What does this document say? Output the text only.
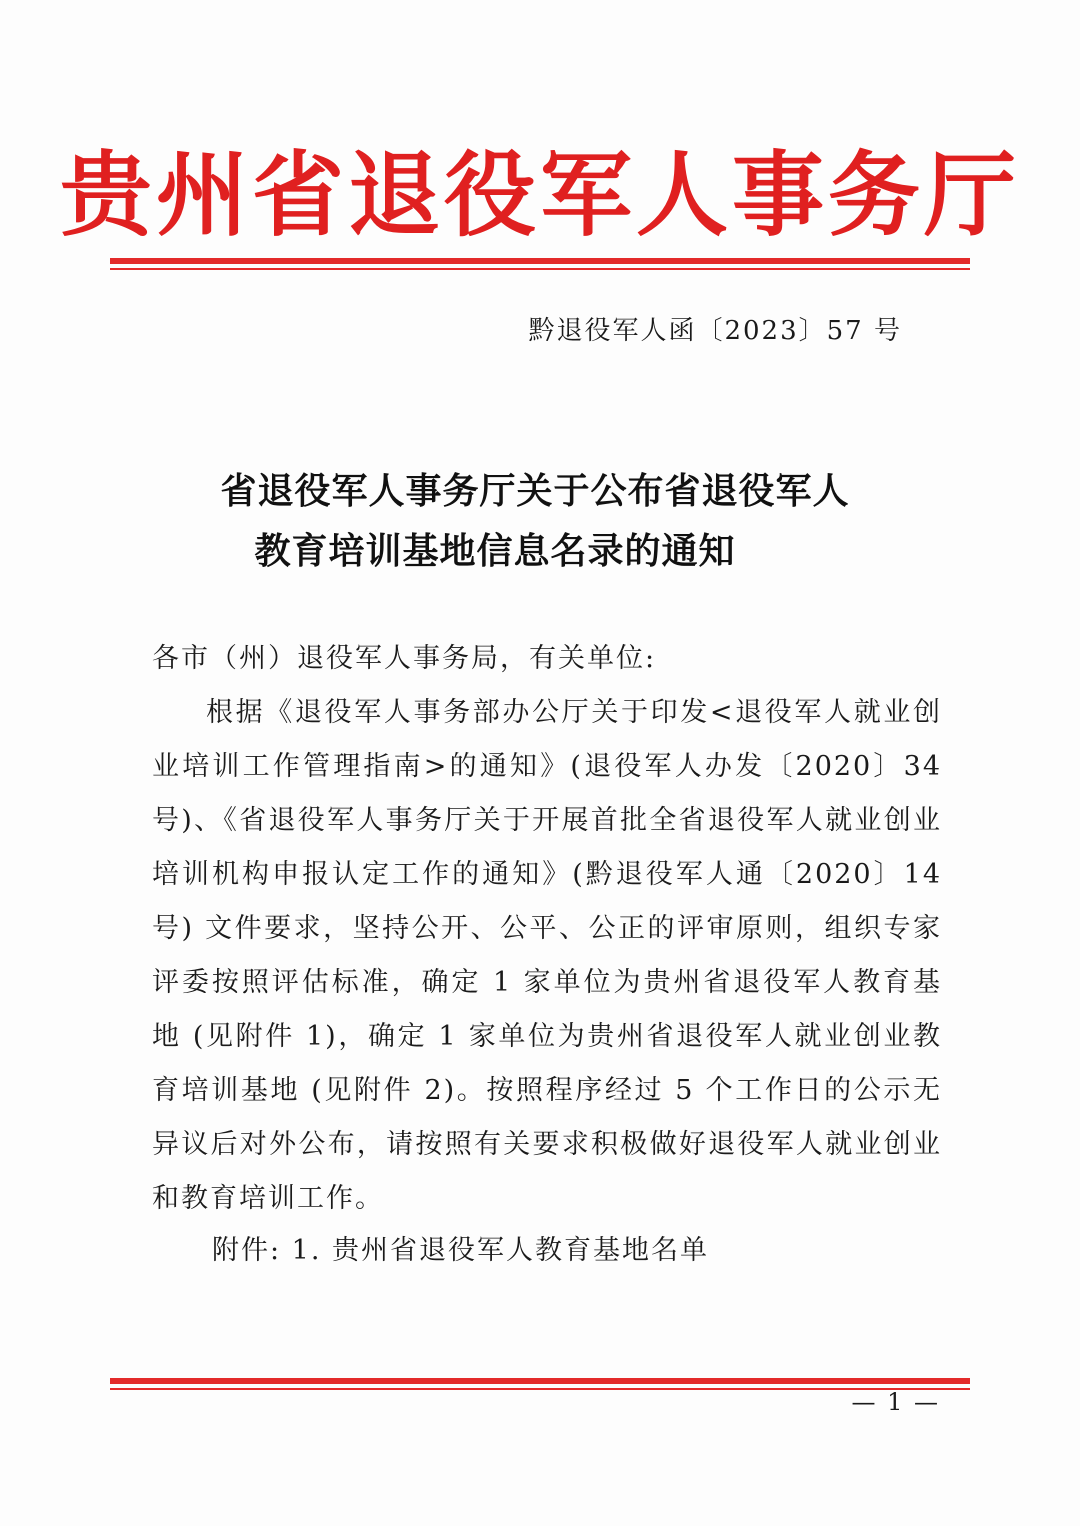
贵州省退役军人事务厅
黔退役军人函〔2023〕57 号
省退役军人事务厅关于公布省退役军人
教育培训基地信息名录的通知
各市（州）退役军人事务局，有关单位:
根据《退役军人事务部办公厅关于印发<退役军人就业创业培训工作管理指南>的通知》(退役军人办发〔2020〕34 号)、《省退役军人事务厅关于开展首批全省退役军人就业创业培训机构申报认定工作的通知》(黔退役军人通〔2020〕14 号) 文件要求，坚持公开、公平、公正的评审原则，组织专家评委按照评估标准，确定 1 家单位为贵州省退役军人教育基地 (见附件 1)，确定 1 家单位为贵州省退役军人就业创业教育培训基地 (见附件 2)。按照程序经过 5 个工作日的公示无异议后对外公布，请按照有关要求积极做好退役军人就业创业和教育培训工作。
附件: 1. 贵州省退役军人教育基地名单
— 1 —
